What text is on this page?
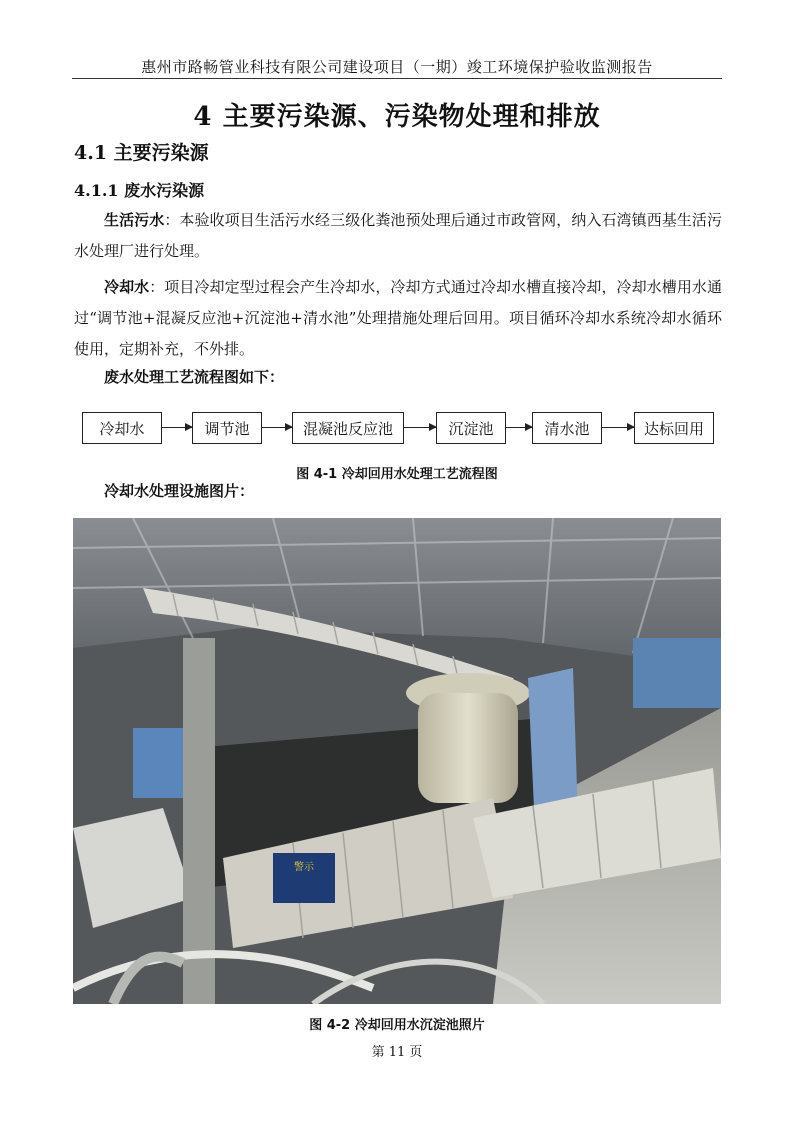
惠州市路畅管业科技有限公司建设项目（一期）竣工环境保护验收监测报告
4 主要污染源、污染物处理和排放
4.1 主要污染源
4.1.1 废水污染源
生活污水：本验收项目生活污水经三级化粪池预处理后通过市政管网，纳入石湾镇西基生活污水处理厂进行处理。
冷却水：项目冷却定型过程会产生冷却水，冷却方式通过冷却水槽直接冷却，冷却水槽用水通过“调节池+混凝反应池+沉淀池+清水池”处理措施处理后回用。项目循环冷却水系统冷却水循环使用，定期补充，不外排。
废水处理工艺流程图如下：
冷却水	调节池	混凝池反应池	沉淀池	清水池	达标回用
图 4-1 冷却回用水处理工艺流程图
冷却水处理设施图片：
警示
图 4-2 冷却回用水沉淀池照片
第 11 页
